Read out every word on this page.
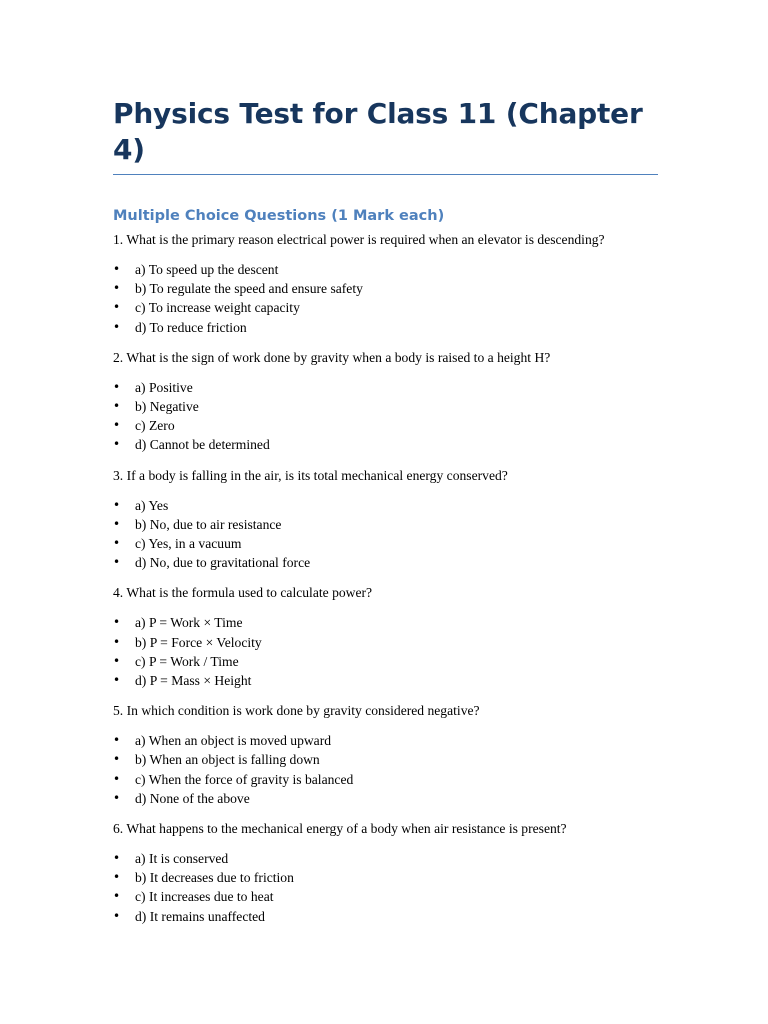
Physics Test for Class 11 (Chapter 4)
Multiple Choice Questions (1 Mark each)

1. What is the primary reason electrical power is required when an elevator is descending?

• a) To speed up the descent
• b) To regulate the speed and ensure safety
• c) To increase weight capacity
• d) To reduce friction

2. What is the sign of work done by gravity when a body is raised to a height H?

• a) Positive
• b) Negative
• c) Zero
• d) Cannot be determined

3. If a body is falling in the air, is its total mechanical energy conserved?

• a) Yes
• b) No, due to air resistance
• c) Yes, in a vacuum
• d) No, due to gravitational force

4. What is the formula used to calculate power?

• a) P = Work × Time
• b) P = Force × Velocity
• c) P = Work / Time
• d) P = Mass × Height

5. In which condition is work done by gravity considered negative?

• a) When an object is moved upward
• b) When an object is falling down
• c) When the force of gravity is balanced
• d) None of the above

6. What happens to the mechanical energy of a body when air resistance is present?

• a) It is conserved
• b) It decreases due to friction
• c) It increases due to heat
• d) It remains unaffected
